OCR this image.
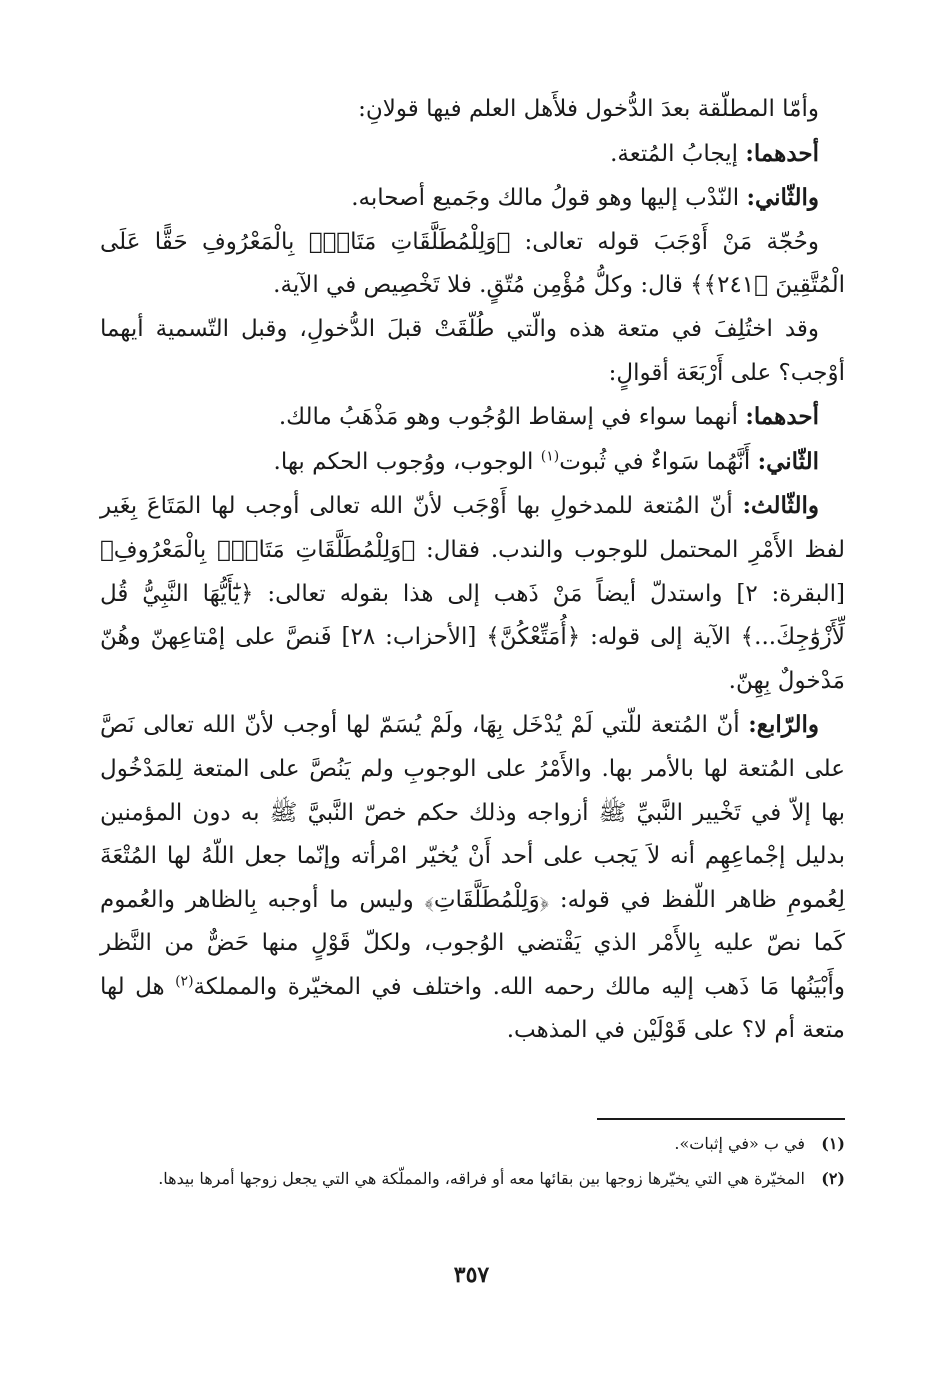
وأمّا المطلّقة بعدَ الدُّخول فلأَهل العلم فيها قولانِ:

أحدهما: إيجابُ المُتعة.

والثّاني: النّدْب إليها وهو قولُ مالك وجَميع أصحابه.

وحُجّة مَنْ أَوْجَبَ قوله تعالى: ﴿وَلِلْمُطَلَّقَاتِ مَتَاعٌۢ بِالْمَعْرُوفِ حَقًّا عَلَى الْمُتَّقِينَ ﴿٢٤١﴾﴾ قال: وكلُّ مُؤْمِن مُتّقٍ. فلا تَخْصِيص في الآية.

وقد اختُلِفَ في متعة هذه والّتي طُلّقَتْ قبلَ الدُّخولِ، وقبل التّسمية أيهما أوْجب؟ على أَرْبَعَة أقوالٍ:

أحدهما: أنهما سواء في إسقاط الوُجُوب وهو مَذْهَبُ مالك.

الثّاني: أَنَّهُما سَواءٌ في ثُبوت$^{(١)}$ الوجوب، ووُجوب الحكم بها.

والثّالث: أنّ المُتعة للمدخولِ بها أَوْجَب لأنّ الله تعالى أوجب لها المَتَاعَ بِغَير لفظ الأَمْرِ المحتمل للوجوب والندب. فقال: ﴿وَلِلْمُطَلَّقَاتِ مَتَاعٌۢ بِالْمَعْرُوفِ﴾ [البقرة: ٢] واستدلّ أيضاً مَنْ ذَهب إلى هذا بقوله تعالى: ﴿يَٰٓأَيُّهَا النَّبِيُّ قُل لِّأَزْوَٰجِكَ...﴾ الآية إلى قوله: ﴿أُمَتِّعْكُنَّ﴾ [الأحزاب: ٢٨] فَنصَّ على إمْتاعِهنّ وهُنّ مَدْخولٌ بِهِنّ.

والرّابع: أنّ المُتعة للّتي لَمْ يُدْخَل بِهَا، ولَمْ يُسَمّ لها أوجب لأنّ الله تعالى نَصَّ على المُتعة لها بالأمر بها. والأَمْرُ على الوجوبِ ولم يَنُصَّ على المتعة لِلمَدْخُول بها إلاّ في تَخْيير النَّبيِّ ﷺ أزواجه وذلك حكم خصّ النَّبيَّ ﷺ به دون المؤمنين بدليل إجْماعِهِم أنه لاَ يَجب على أحد أَنْ يُخيّر امْرأته وإنّما جعل اللّهُ لها المُتْعَةَ لِعُمومِ ظاهر اللّفظ في قوله: ﴿وَلِلْمُطَلَّقَاتِ﴾ وليس ما أوجبه بِالظاهر والعُموم كَما نصّ عليه بِالأَمْر الذي يَقْتضي الوُجوب، ولكلّ قَوْلٍ منها حَضٌّ من النَّظر وأَبْيَنُها مَا ذَهب إليه مالك رحمه الله. واختلف في المخيّرة والمملكة$^{(٢)}$ هل لها متعة أم لا؟ على قَوْلَيْن في المذهب.

(١)
في ب «في إثبات».
(٢)
المخيّرة هي التي يخيّرها زوجها بين بقائها معه أو فراقه، والمملّكة هي التي يجعل زوجها أمرها بيدها.
٣٥٧
